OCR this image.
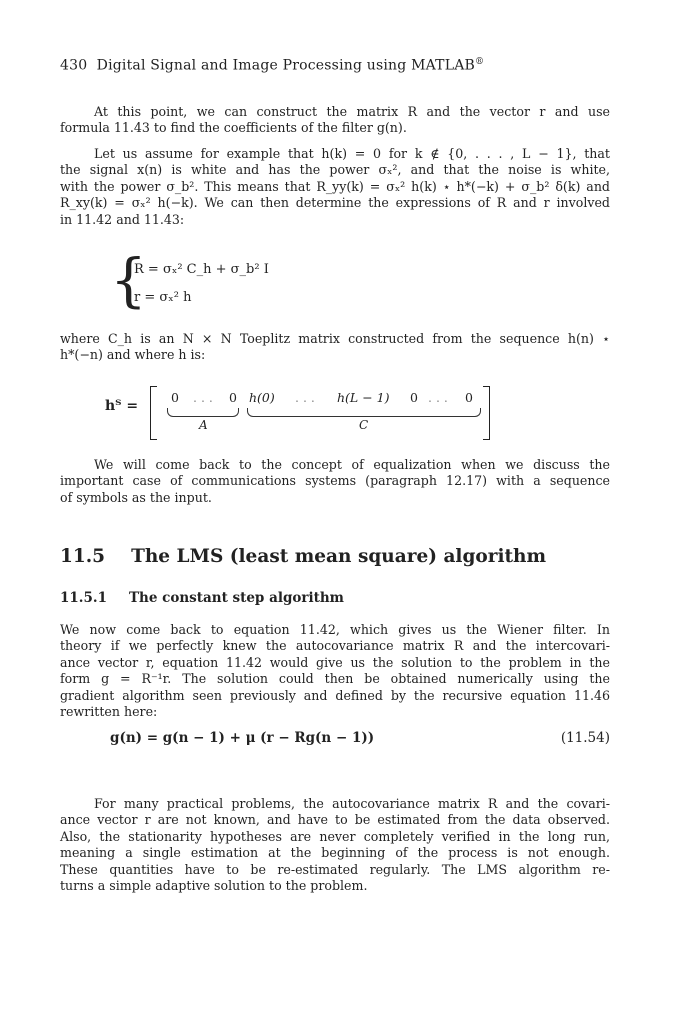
430 Digital Signal and Image Processing using MATLAB®
At this point, we can construct the matrix R and the vector r and use
formula 11.43 to find the coefficients of the filter g(n).
Let us assume for example that h(k) = 0 for k ∉ {0, . . . , L − 1}, that
the signal x(n) is white and has the power σₓ², and that the noise is white,
with the power σ_b². This means that R_yy(k) = σₓ² h(k) ⋆ h*(−k) + σ_b² δ(k) and
R_xy(k) = σₓ² h(−k). We can then determine the expressions of R and r involved
in 11.42 and 11.43:
{
R = σₓ² C_h + σ_b² I
r = σₓ² h
where C_h is an N × N Toeplitz matrix constructed from the sequence h(n) ⋆
h*(−n) and where h is:
hᵀ =
0 . . . 0 h(0) . . . h(L − 1) 0 . . . 0
A	C
We will come back to the concept of equalization when we discuss the
important case of communications systems (paragraph 12.17) with a sequence
of symbols as the input.
11.5 The LMS (least mean square) algorithm
11.5.1 The constant step algorithm
We now come back to equation 11.42, which gives us the Wiener filter. In
theory if we perfectly knew the autocovariance matrix R and the intercovari-
ance vector r, equation 11.42 would give us the solution to the problem in the
form g = R⁻¹r. The solution could then be obtained numerically using the
gradient algorithm seen previously and defined by the recursive equation 11.46
rewritten here:
g(n) = g(n − 1) + μ (r − Rg(n − 1))	(11.54)
For many practical problems, the autocovariance matrix R and the covari-
ance vector r are not known, and have to be estimated from the data observed.
Also, the stationarity hypotheses are never completely verified in the long run,
meaning a single estimation at the beginning of the process is not enough.
These quantities have to be re-estimated regularly. The LMS algorithm re-
turns a simple adaptive solution to the problem.
